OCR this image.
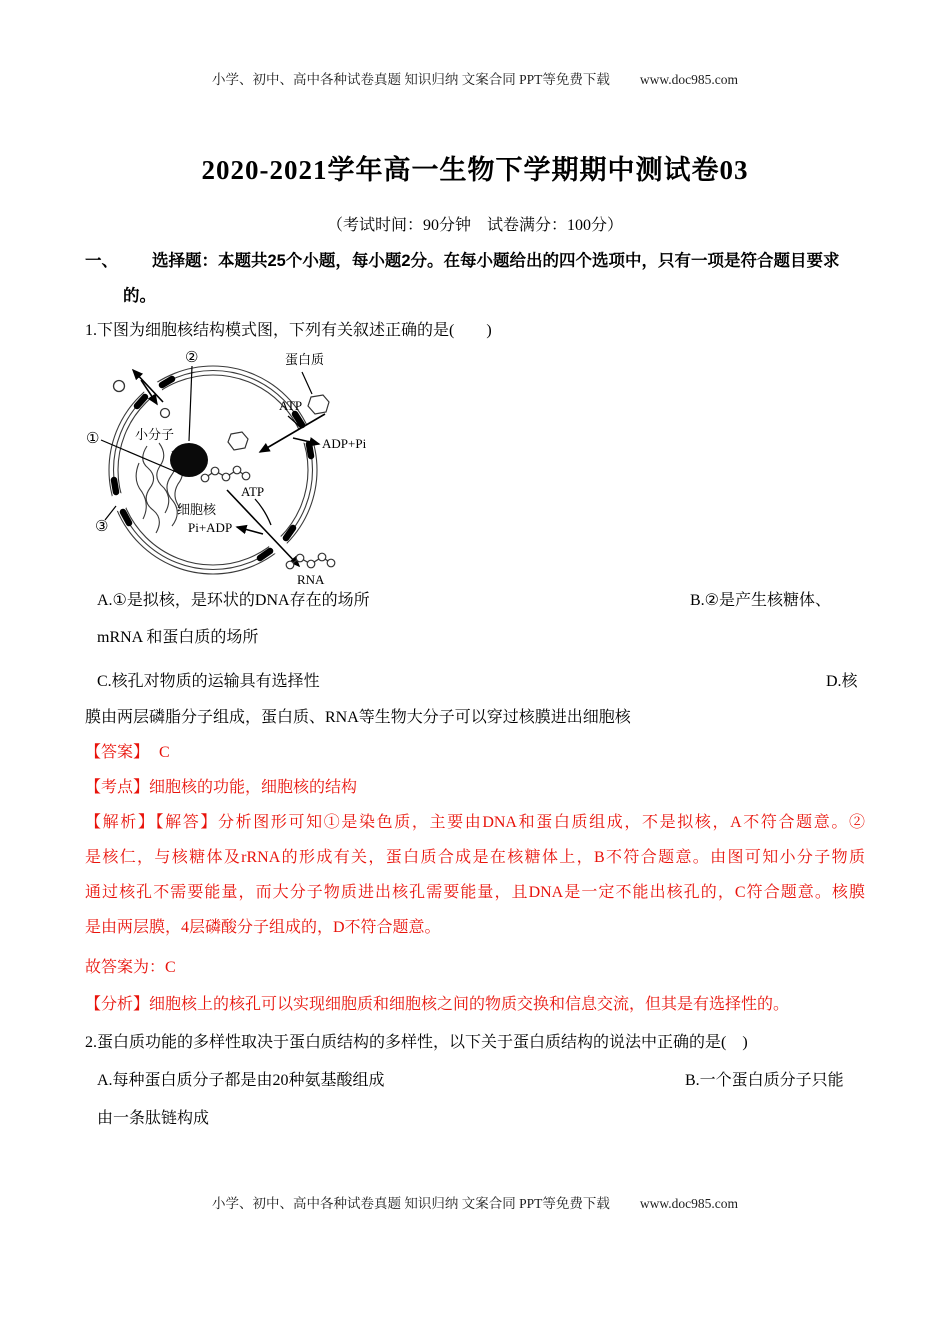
小学、初中、高中各种试卷真题 知识归纳 文案合同 PPT等免费下载 www.doc985.com
2020-2021学年高一生物下学期期中测试卷03
（考试时间：90分钟　试卷满分：100分）
一、 选择题：本题共25个小题，每小题2分。在每小题给出的四个选项中，只有一项是符合题目要求
的。
1.下图为细胞核结构模式图，下列有关叙述正确的是(　　)
②
①
③
蛋白质
ATP
ADP+Pi
小分子
细胞核
Pi+ADP
ATP
RNA
A.①是拟核，是环状的DNA存在的场所	B.②是产生核糖体、
mRNA 和蛋白质的场所
C.核孔对物质的运输具有选择性	D.核
膜由两层磷脂分子组成，蛋白质、RNA等生物大分子可以穿过核膜进出细胞核
【答案】 C
【考点】细胞核的功能，细胞核的结构
【解析】【解答】分析图形可知①是染色质，主要由DNA和蛋白质组成，不是拟核，A不符合题意。②
是核仁，与核糖体及rRNA的形成有关，蛋白质合成是在核糖体上，B不符合题意。由图可知小分子物质
通过核孔不需要能量，而大分子物质进出核孔需要能量，且DNA是一定不能出核孔的，C符合题意。核膜
是由两层膜，4层磷酸分子组成的，D不符合题意。
故答案为：C
【分析】细胞核上的核孔可以实现细胞质和细胞核之间的物质交换和信息交流，但其是有选择性的。
2.蛋白质功能的多样性取决于蛋白质结构的多样性，以下关于蛋白质结构的说法中正确的是(　)
A.每种蛋白质分子都是由20种氨基酸组成	B.一个蛋白质分子只能
由一条肽链构成
小学、初中、高中各种试卷真题 知识归纳 文案合同 PPT等免费下载 www.doc985.com
